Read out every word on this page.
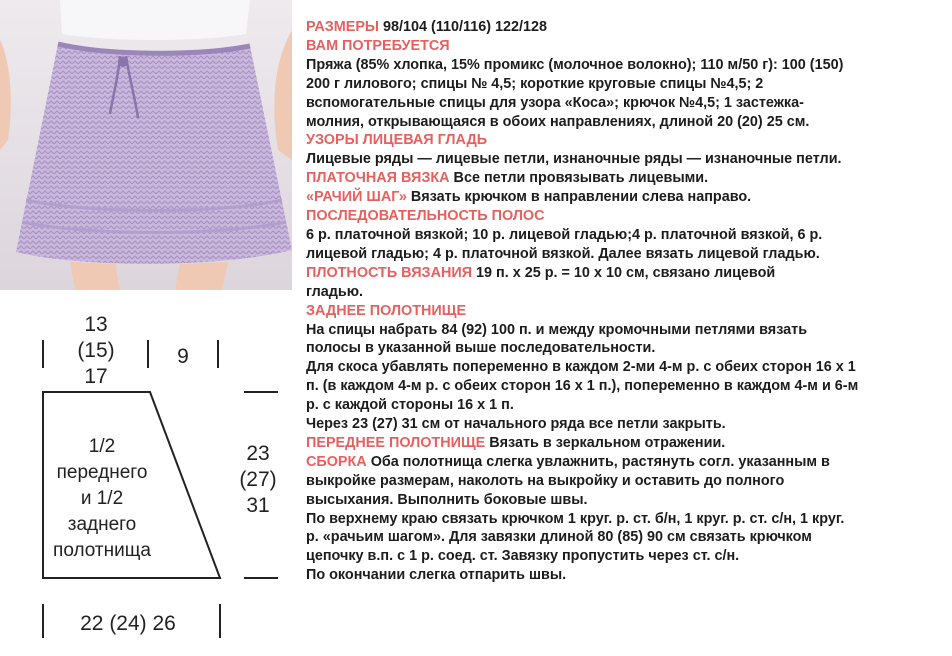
13
(15)
17
9
1/2
переднего
и 1/2
заднего
полотнища
23
(27)
31
22 (24) 26

РАЗМЕРЫ 98/104 (110/116) 122/128

ВАМ ПОТРЕБУЕТСЯ

Пряжа (85% хлопка, 15% промикс (молочное волокно); 110 м/50 г): 100 (150)

200 г лилового; спицы № 4,5; короткие круговые спицы №4,5; 2

вспомогательные спицы для узора «Коса»; крючок №4,5; 1 застежка-

молния, открывающаяся в обоих направлениях, длиной 20 (20) 25 см.

УЗОРЫ ЛИЦЕВАЯ ГЛАДЬ

Лицевые ряды — лицевые петли, изнаночные ряды — изнаночные петли.

ПЛАТОЧНАЯ ВЯЗКА Все петли провязывать лицевыми.

«РАЧИЙ ШАГ» Вязать крючком в направлении слева направо.

ПОСЛЕДОВАТЕЛЬНОСТЬ ПОЛОС

6 р. платочной вязкой; 10 р. лицевой гладью;4 р. платочной вязкой, 6 р.

лицевой гладью; 4 р. платочной вязкой. Далее вязать лицевой гладью.

ПЛОТНОСТЬ ВЯЗАНИЯ 19 п. х 25 р. = 10 х 10 см, связано лицевой

гладью.

ЗАДНЕЕ ПОЛОТНИЩЕ

На спицы набрать 84 (92) 100 п. и между кромочными петлями вязать

полосы в указанной выше последовательности.

Для скоса убавлять попеременно в каждом 2-ми 4-м р. с обеих сторон 16 х 1

п. (в каждом 4-м р. с обеих сторон 16 х 1 п.), попеременно в каждом 4-м и 6-м

р. с каждой стороны 16 х 1 п.

Через 23 (27) 31 см от начального ряда все петли закрыть.

ПЕРЕДНЕЕ ПОЛОТНИЩЕ Вязать в зеркальном отражении.

СБОРКА Оба полотнища слегка увлажнить, растянуть согл. указанным в

выкройке размерам, наколоть на выкройку и оставить до полного

высыхания. Выполнить боковые швы.

По верхнему краю связать крючком 1 круг. р. ст. б/н, 1 круг. р. ст. с/н, 1 круг.

р. «рачьим шагом». Для завязки длиной 80 (85) 90 см связать крючком

цепочку в.п. с 1 р. соед. ст. Завязку пропустить через ст. с/н.

По окончании слегка отпарить швы.
